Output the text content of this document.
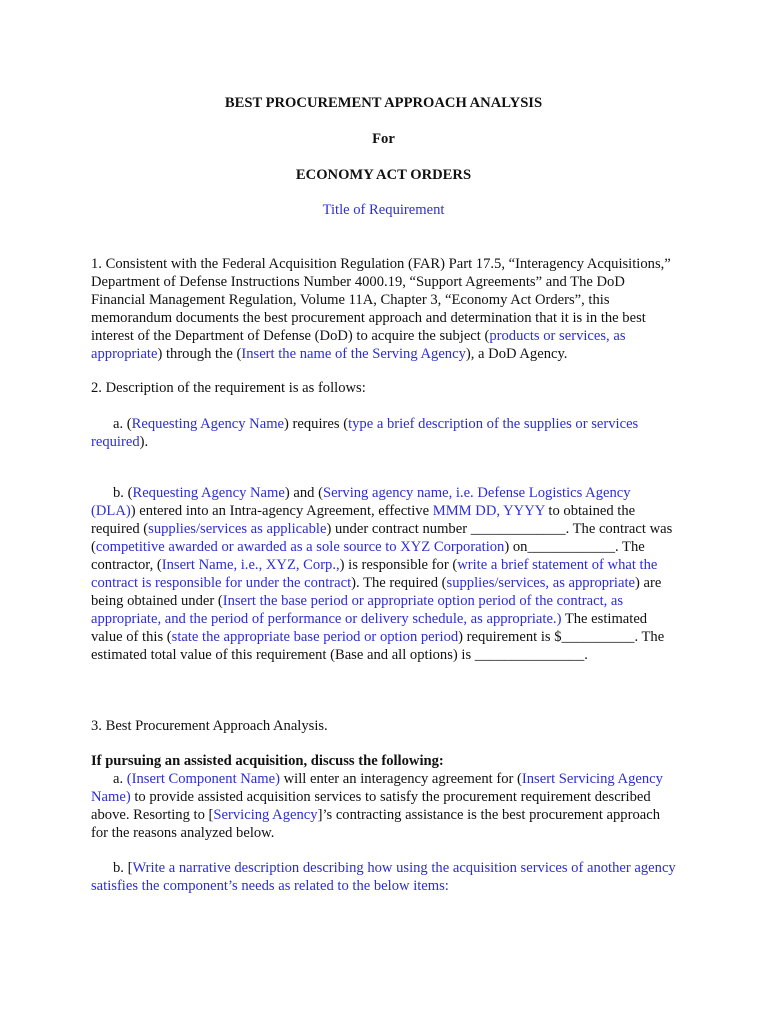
BEST PROCUREMENT APPROACH ANALYSIS
For
ECONOMY ACT ORDERS
Title of Requirement
1. Consistent with the Federal Acquisition Regulation (FAR) Part 17.5, “Interagency Acquisitions,” Department of Defense Instructions Number 4000.19, “Support Agreements” and The DoD Financial Management Regulation, Volume 11A, Chapter 3, “Economy Act Orders”, this memorandum documents the best procurement approach and determination that it is in the best interest of the Department of Defense (DoD) to acquire the subject (products or services, as appropriate) through the (Insert the name of the Serving Agency), a DoD Agency.
2. Description of the requirement is as follows:
a. (Requesting Agency Name) requires (type a brief description of the supplies or services required).
b. (Requesting Agency Name) and (Serving agency name, i.e. Defense Logistics Agency (DLA)) entered into an Intra-agency Agreement, effective MMM DD, YYYY to obtained the required (supplies/services as applicable) under contract number _____________. The contract was (competitive awarded or awarded as a sole source to XYZ Corporation) on____________. The contractor, (Insert Name, i.e., XYZ, Corp.,) is responsible for (write a brief statement of what the contract is responsible for under the contract). The required (supplies/services, as appropriate) are being obtained under (Insert the base period or appropriate option period of the contract, as appropriate, and the period of performance or delivery schedule, as appropriate.) The estimated value of this (state the appropriate base period or option period) requirement is $__________. The estimated total value of this requirement (Base and all options) is _______________.
3. Best Procurement Approach Analysis.
If pursuing an assisted acquisition, discuss the following:
a. (Insert Component Name) will enter an interagency agreement for (Insert Servicing Agency Name) to provide assisted acquisition services to satisfy the procurement requirement described above. Resorting to [Servicing Agency]’s contracting assistance is the best procurement approach for the reasons analyzed below.
b. [Write a narrative description describing how using the acquisition services of another agency satisfies the component’s needs as related to the below items:
